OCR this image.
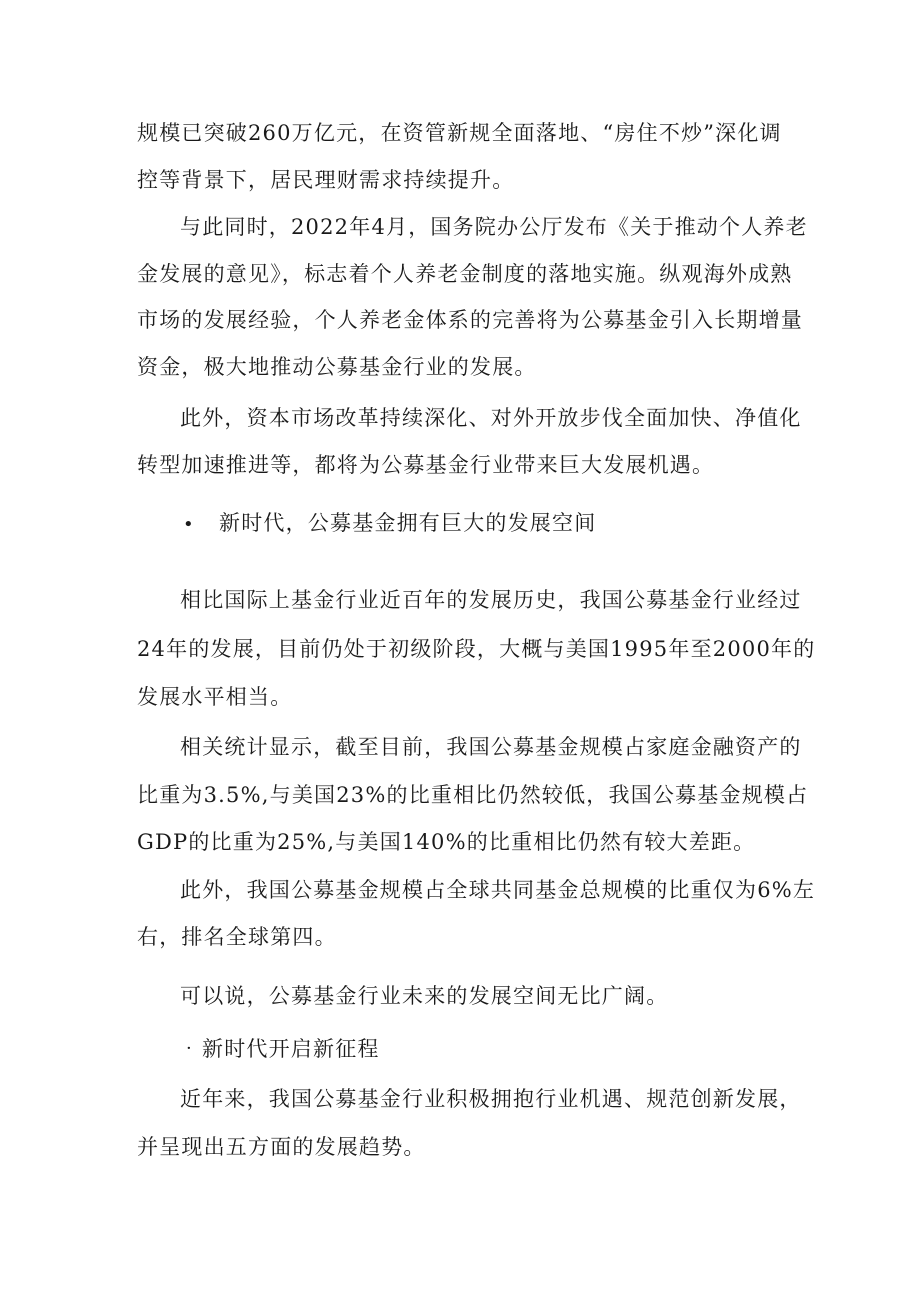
规模已突破260万亿元，在资管新规全面落地、“房住不炒”深化调
控等背景下，居民理财需求持续提升。
与此同时，2022年4月，国务院办公厅发布《关于推动个人养老
金发展的意见》，标志着个人养老金制度的落地实施。纵观海外成熟
市场的发展经验，个人养老金体系的完善将为公募基金引入长期增量
资金，极大地推动公募基金行业的发展。
此外，资本市场改革持续深化、对外开放步伐全面加快、净值化
转型加速推进等，都将为公募基金行业带来巨大发展机遇。
• 新时代，公募基金拥有巨大的发展空间
相比国际上基金行业近百年的发展历史，我国公募基金行业经过
24年的发展，目前仍处于初级阶段，大概与美国1995年至2000年的
发展水平相当。
相关统计显示，截至目前，我国公募基金规模占家庭金融资产的
比重为3.5%,与美国23%的比重相比仍然较低，我国公募基金规模占
GDP的比重为25%,与美国140%的比重相比仍然有较大差距。
此外，我国公募基金规模占全球共同基金总规模的比重仅为6%左
右，排名全球第四。
可以说，公募基金行业未来的发展空间无比广阔。
· 新时代开启新征程
近年来，我国公募基金行业积极拥抱行业机遇、规范创新发展，
并呈现出五方面的发展趋势。
